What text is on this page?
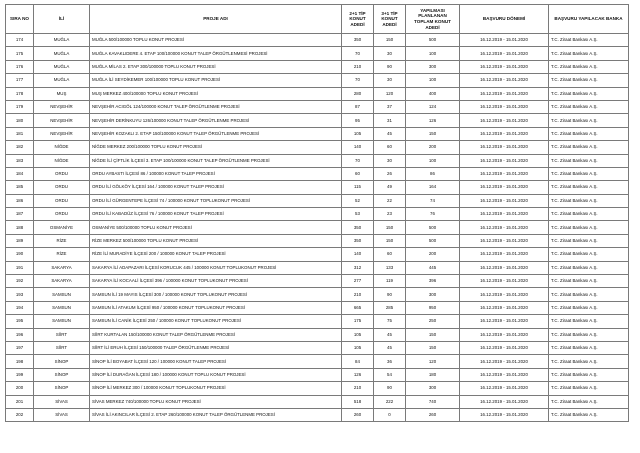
SIRA NO	İLİ	PROJE ADI	2+1 TİP KONUT ADEDİ	3+1 TİP KONUT ADEDİ	YAPILMASI PLANLANAN TOPLAM KONUT ADEDİ	BAŞVURU DÖNEMİ	BAŞVURU YAPILACAK BANKA
174	MUĞLA	MUĞLA 500/100000 TOPLU KONUT PROJESİ	350	150	500	16.12.2019 - 15.01.2020	T.C. Ziraat Bankası A.Ş.
175	MUĞLA	MUĞLA KAVAKLIDERE 4. ETAP 100/100000 KONUT TALEP ÖRGÜTLENMESİ PROJESİ	70	30	100	16.12.2019 - 15.01.2020	T.C. Ziraat Bankası A.Ş.
176	MUĞLA	MUĞLA MİLAS 2. ETAP 300/100000 TOPLU KONUT PROJESİ	210	90	300	16.12.2019 - 15.01.2020	T.C. Ziraat Bankası A.Ş.
177	MUĞLA	MUĞLA İLİ SEYDİKEMER 100/100000 TOPLU KONUT PROJESİ	70	30	100	16.12.2019 - 15.01.2020	T.C. Ziraat Bankası A.Ş.
178	MUŞ	MUŞ MERKEZ 400/100000 TOPLU KONUT PROJESİ	280	120	400	16.12.2019 - 15.01.2020	T.C. Ziraat Bankası A.Ş.
179	NEVŞEHİR	NEVŞEHİR ACIGÖL 124/100000 KONUT TALEP ÖRGÜTLENME PROJESİ	87	37	124	16.12.2019 - 15.01.2020	T.C. Ziraat Bankası A.Ş.
180	NEVŞEHİR	NEVŞEHİR DERİNKUYU 126/100000 KONUT TALEP ÖRGÜTLENME PROJESİ	95	31	126	16.12.2019 - 15.01.2020	T.C. Ziraat Bankası A.Ş.
181	NEVŞEHİR	NEVŞEHİR KOZAKLI 2. ETAP 150/100000 KONUT TALEP ÖRGÜTLENME PROJESİ	105	45	150	16.12.2019 - 15.01.2020	T.C. Ziraat Bankası A.Ş.
182	NİĞDE	NİĞDE MERKEZ 200/100000 TOPLU KONUT PROJESİ	140	60	200	16.12.2019 - 15.01.2020	T.C. Ziraat Bankası A.Ş.
183	NİĞDE	NİĞDE İLİ ÇİFTLİK İLÇESİ 3. ETAP 100/100000 KONUT TALEP ÖRGÜTLENME PROJESİ	70	30	100	16.12.2019 - 15.01.2020	T.C. Ziraat Bankası A.Ş.
184	ORDU	ORDU AYBASTI İLÇESİ 86 / 100000 KONUT TALEP PROJESİ	60	26	86	16.12.2019 - 15.01.2020	T.C. Ziraat Bankası A.Ş.
185	ORDU	ORDU İLİ GÖLKÖY İLÇESİ 164 / 100000 KONUT TALEP PROJESİ	115	49	164	16.12.2019 - 15.01.2020	T.C. Ziraat Bankası A.Ş.
186	ORDU	ORDU İLİ GÜRGENTEPE İLÇESİ 74 / 100000 KONUT TOPLUKONUT PROJESİ	52	22	74	16.12.2019 - 15.01.2020	T.C. Ziraat Bankası A.Ş.
187	ORDU	ORDU İLİ KABADÜZ İLÇESİ 76 / 100000 KONUT TALEP PROJESİ	53	23	76	16.12.2019 - 15.01.2020	T.C. Ziraat Bankası A.Ş.
188	OSMANİYE	OSMANİYE 500/100000 TOPLU KONUT PROJESİ	350	150	500	16.12.2019 - 15.01.2020	T.C. Ziraat Bankası A.Ş.
189	RİZE	RİZE MERKEZ 500/100000 TOPLU KONUT PROJESİ	350	150	500	16.12.2019 - 15.01.2020	T.C. Ziraat Bankası A.Ş.
190	RİZE	RİZE İLİ MURADİYE İLÇESİ 200 / 100000 KONUT TALEP PROJESİ	140	60	200	16.12.2019 - 15.01.2020	T.C. Ziraat Bankası A.Ş.
191	SAKARYA	SAKARYA İLİ ADAPAZARI İLÇESİ KORUCUK 445 / 100000 KONUT TOPLUKONUT PROJESİ	312	133	445	16.12.2019 - 15.01.2020	T.C. Ziraat Bankası A.Ş.
192	SAKARYA	SAKARYA İLİ KOCAALİ İLÇESİ 396 / 100000 KONUT TOPLUKONUT PROJESİ	277	119	396	16.12.2019 - 15.01.2020	T.C. Ziraat Bankası A.Ş.
193	SAMSUN	SAMSUN İLİ 19 MAYIS İLÇESİ 300 / 100000 KONUT TOPLUKONUT PROJESİ	210	90	300	16.12.2019 - 15.01.2020	T.C. Ziraat Bankası A.Ş.
194	SAMSUN	SAMSUN İLİ ATAKUM İLÇESİ 950 / 100000 KONUT TOPLUKONUT PROJESİ	665	285	950	16.12.2019 - 15.01.2020	T.C. Ziraat Bankası A.Ş.
195	SAMSUN	SAMSUN İLİ CANİK İLÇESİ 250 / 100000 KONUT TOPLUKONUT PROJESİ	175	75	250	16.12.2019 - 15.01.2020	T.C. Ziraat Bankası A.Ş.
196	SİİRT	SİİRT KURTALAN 150/100000 KONUT TALEP ÖRGÜTLENME PROJESİ	105	45	150	16.12.2019 - 15.01.2020	T.C. Ziraat Bankası A.Ş.
197	SİİRT	SİİRT İLİ ERUH İLÇESİ 150/100000 TALEP ÖRGÜTLENME PROJESİ	105	45	150	16.12.2019 - 15.01.2020	T.C. Ziraat Bankası A.Ş.
198	SİNOP	SİNOP İLİ BOYABAT İLÇESİ 120 / 100000 KONUT TALEP PROJESİ	84	36	120	16.12.2019 - 15.01.2020	T.C. Ziraat Bankası A.Ş.
199	SİNOP	SİNOP İLİ DURAĞAN İLÇESİ 180 / 100000 KONUT TOPLU KONUT PROJESİ	126	54	180	16.12.2019 - 15.01.2020	T.C. Ziraat Bankası A.Ş.
200	SİNOP	SİNOP İLİ MERKEZ 300 / 100000 KONUT TOPLUKONUT PROJESİ	210	90	300	16.12.2019 - 15.01.2020	T.C. Ziraat Bankası A.Ş.
201	SİVAS	SİVAS MERKEZ 740/100000 TOPLU KONUT PROJESİ	518	222	740	16.12.2019 - 15.01.2020	T.C. Ziraat Bankası A.Ş.
202	SİVAS	SİVAS İLİ AKINCILAR İLÇESİ 2. ETAP 260/100000 KONUT TALEP ÖRGÜTLENME PROJESİ	260	0	260	16.12.2019 - 15.01.2020	T.C. Ziraat Bankası A.Ş.
